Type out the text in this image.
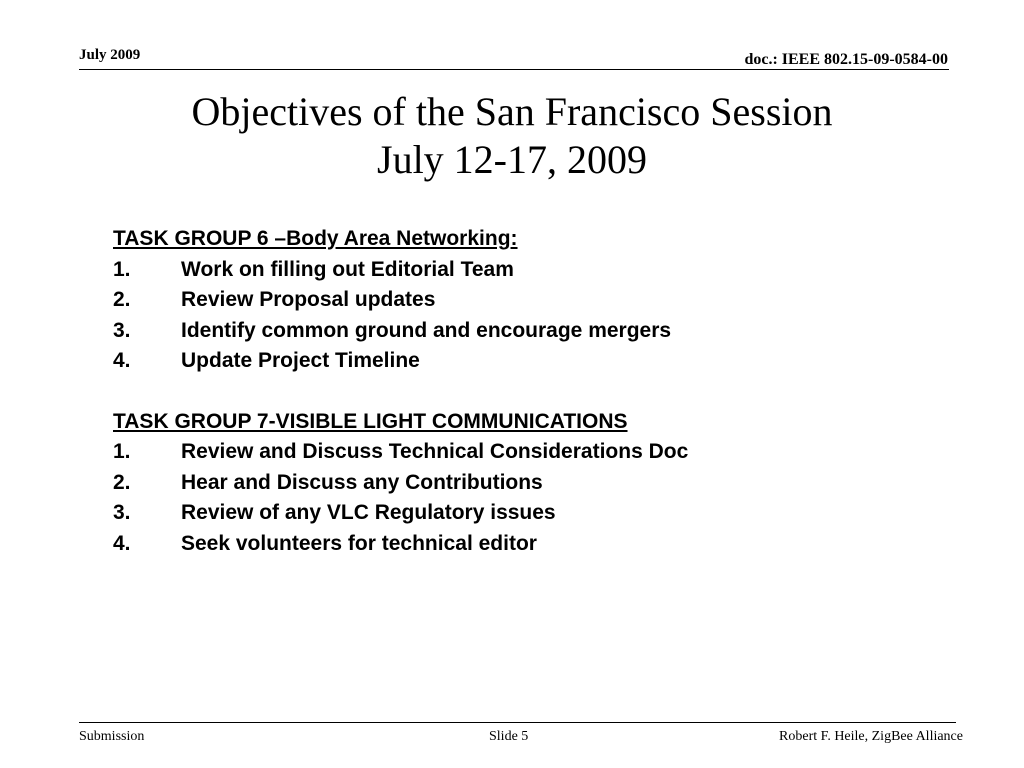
July 2009	doc.: IEEE 802.15-09-0584-00
Objectives of the San Francisco Session
July 12-17, 2009
TASK GROUP 6 –Body Area Networking:
1.	Work on filling out Editorial Team
2.	Review Proposal updates
3.	Identify common ground and encourage mergers
4.	Update Project Timeline
TASK GROUP 7-VISIBLE LIGHT COMMUNICATIONS
1.	Review and Discuss Technical Considerations Doc
2.	Hear and Discuss any Contributions
3.	Review of any VLC Regulatory issues
4.	Seek volunteers for technical editor
Submission	Slide 5	Robert F. Heile, ZigBee Alliance
